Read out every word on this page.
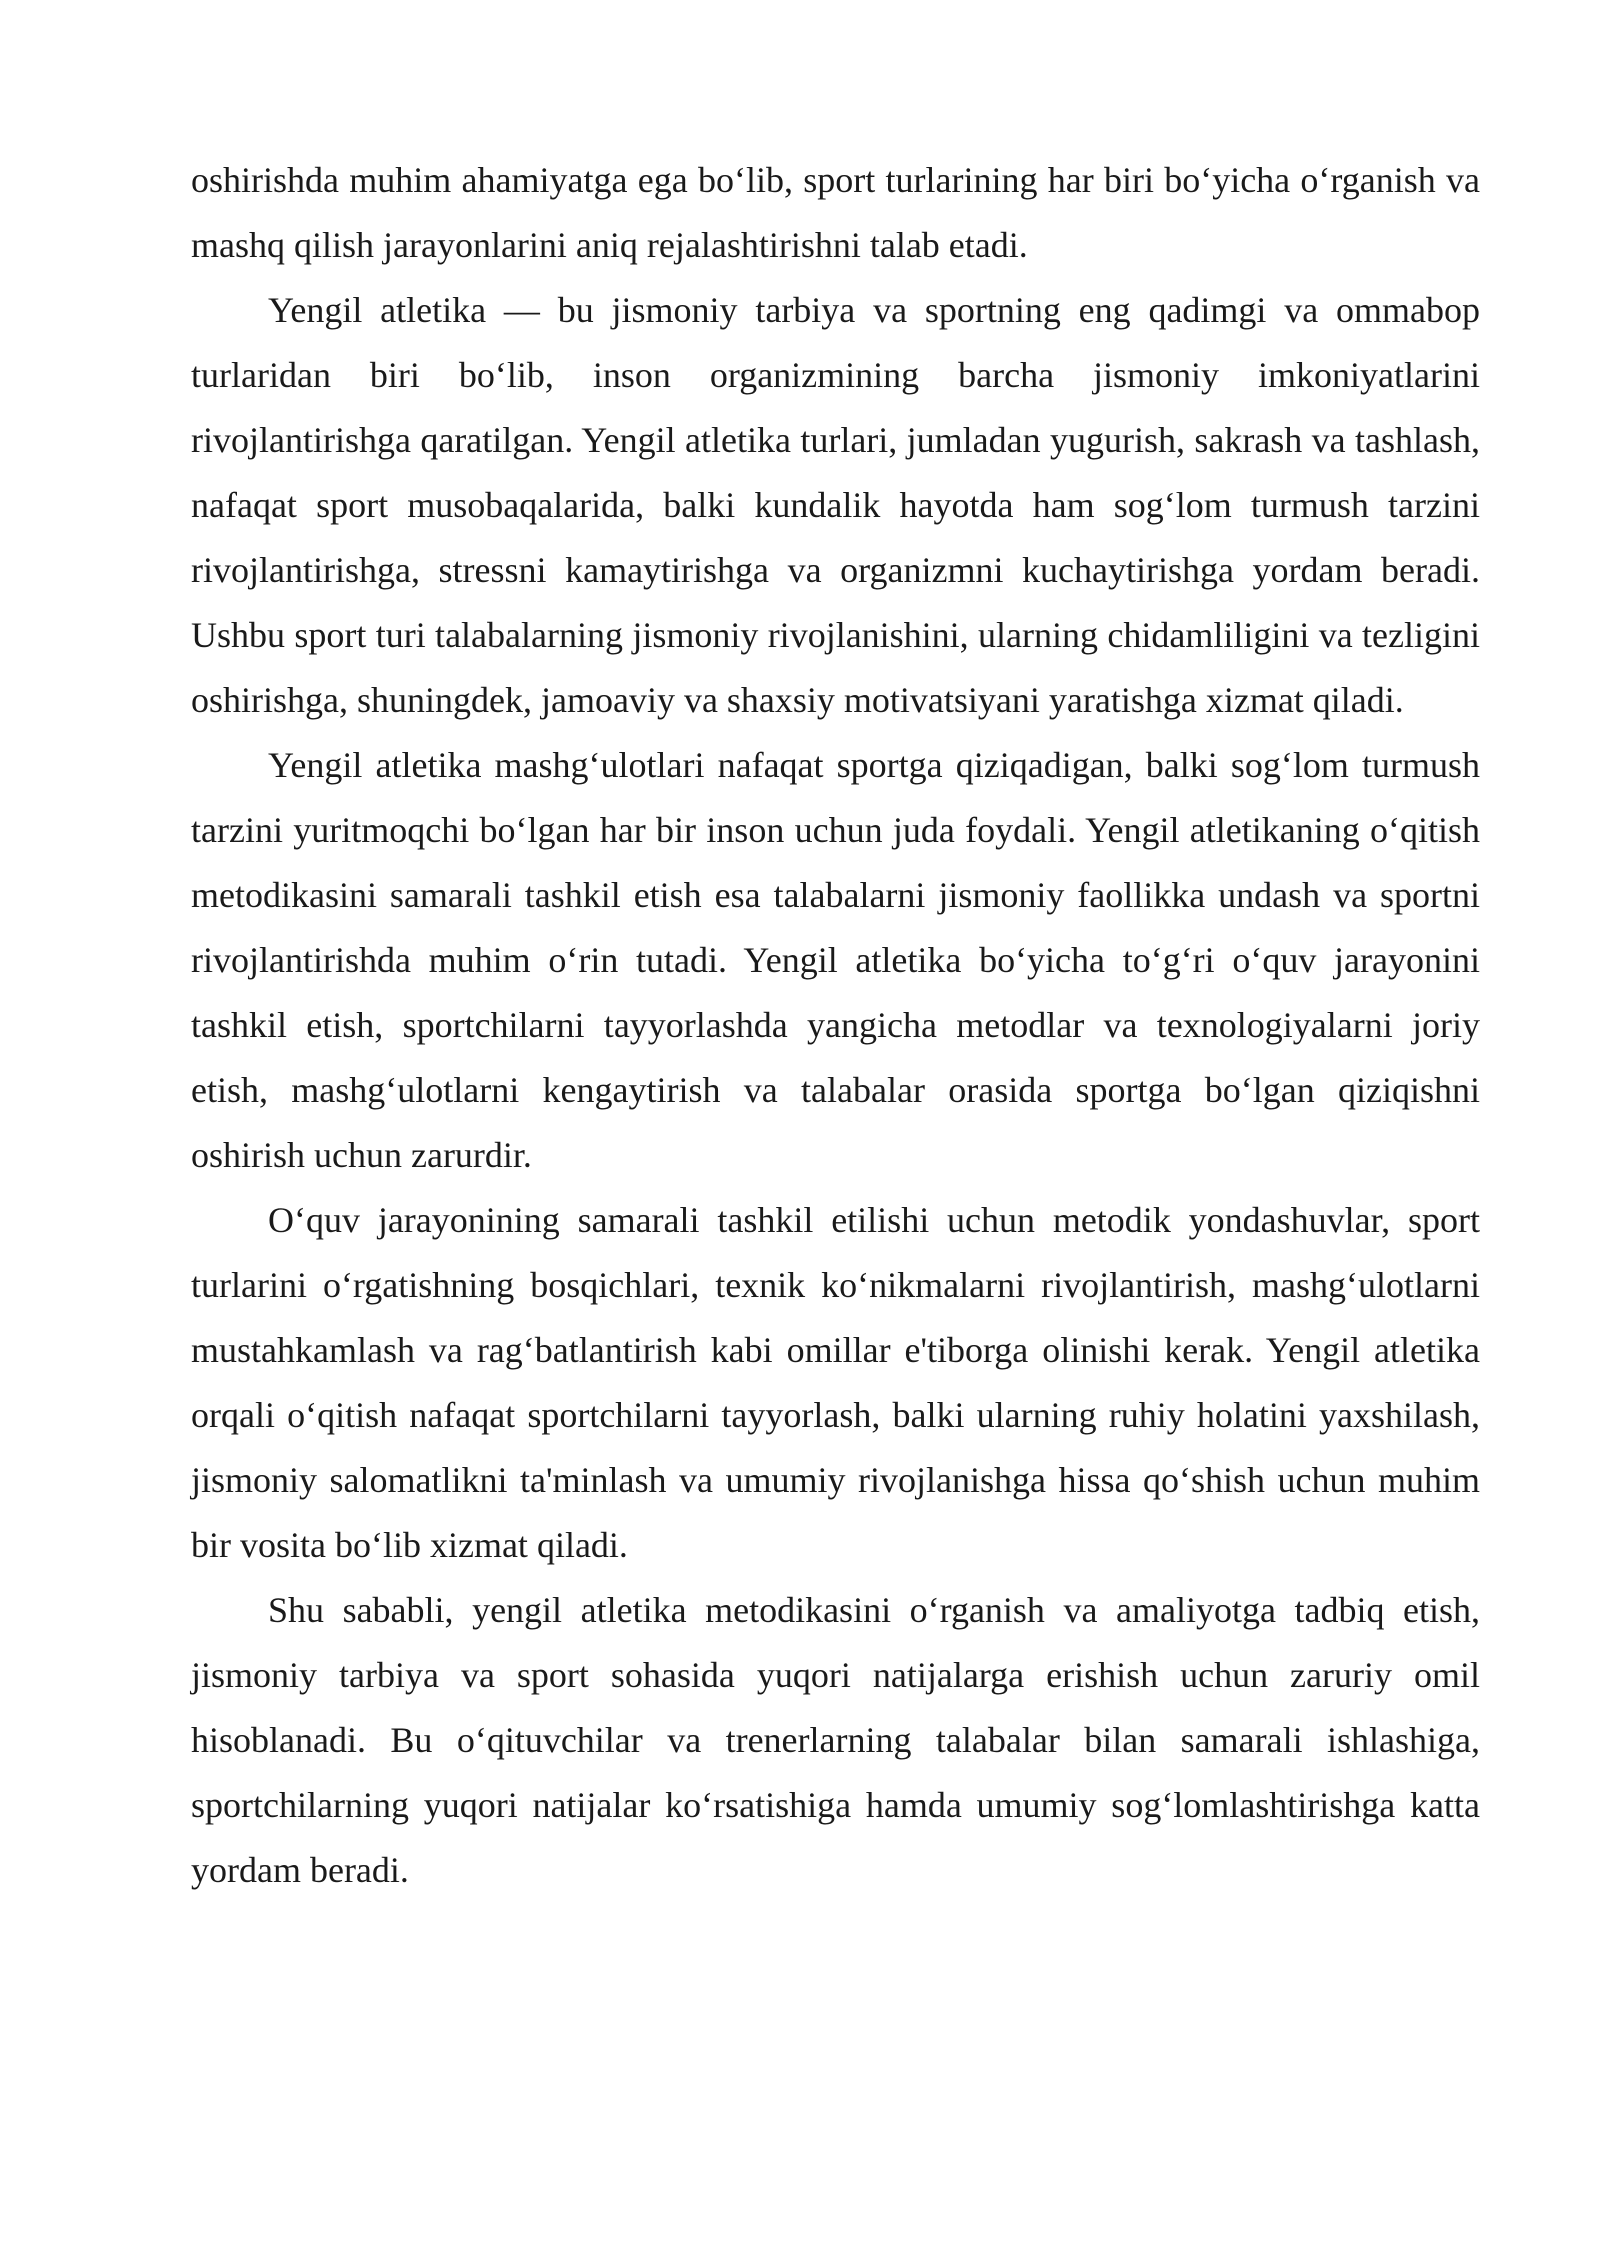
oshirishda muhim ahamiyatga ega bo‘lib, sport turlarining har biri bo‘yicha o‘rganish va mashq qilish jarayonlarini aniq rejalashtirishni talab etadi.

Yengil atletika — bu jismoniy tarbiya va sportning eng qadimgi va ommabop turlaridan biri bo‘lib, inson organizmining barcha jismoniy imkoniyatlarini rivojlantirishga qaratilgan. Yengil atletika turlari, jumladan yugurish, sakrash va tashlash, nafaqat sport musobaqalarida, balki kundalik hayotda ham sog‘lom turmush tarzini rivojlantirishga, stressni kamaytirishga va organizmni kuchaytirishga yordam beradi. Ushbu sport turi talabalarning jismoniy rivojlanishini, ularning chidamliligini va tezligini oshirishga, shuningdek, jamoaviy va shaxsiy motivatsiyani yaratishga xizmat qiladi.

Yengil atletika mashg‘ulotlari nafaqat sportga qiziqadigan, balki sog‘lom turmush tarzini yuritmoqchi bo‘lgan har bir inson uchun juda foydali. Yengil atletikaning o‘qitish metodikasini samarali tashkil etish esa talabalarni jismoniy faollikka undash va sportni rivojlantirishda muhim o‘rin tutadi. Yengil atletika bo‘yicha to‘g‘ri o‘quv jarayonini tashkil etish, sportchilarni tayyorlashda yangicha metodlar va texnologiyalarni joriy etish, mashg‘ulotlarni kengaytirish va talabalar orasida sportga bo‘lgan qiziqishni oshirish uchun zarurdir.

O‘quv jarayonining samarali tashkil etilishi uchun metodik yondashuvlar, sport turlarini o‘rgatishning bosqichlari, texnik ko‘nikmalarni rivojlantirish, mashg‘ulotlarni mustahkamlash va rag‘batlantirish kabi omillar e'tiborga olinishi kerak. Yengil atletika orqali o‘qitish nafaqat sportchilarni tayyorlash, balki ularning ruhiy holatini yaxshilash, jismoniy salomatlikni ta'minlash va umumiy rivojlanishga hissa qo‘shish uchun muhim bir vosita bo‘lib xizmat qiladi.

Shu sababli, yengil atletika metodikasini o‘rganish va amaliyotga tadbiq etish, jismoniy tarbiya va sport sohasida yuqori natijalarga erishish uchun zaruriy omil hisoblanadi. Bu o‘qituvchilar va trenerlarning talabalar bilan samarali ishlashiga, sportchilarning yuqori natijalar ko‘rsatishiga hamda umumiy sog‘lomlashtirishga katta yordam beradi.
